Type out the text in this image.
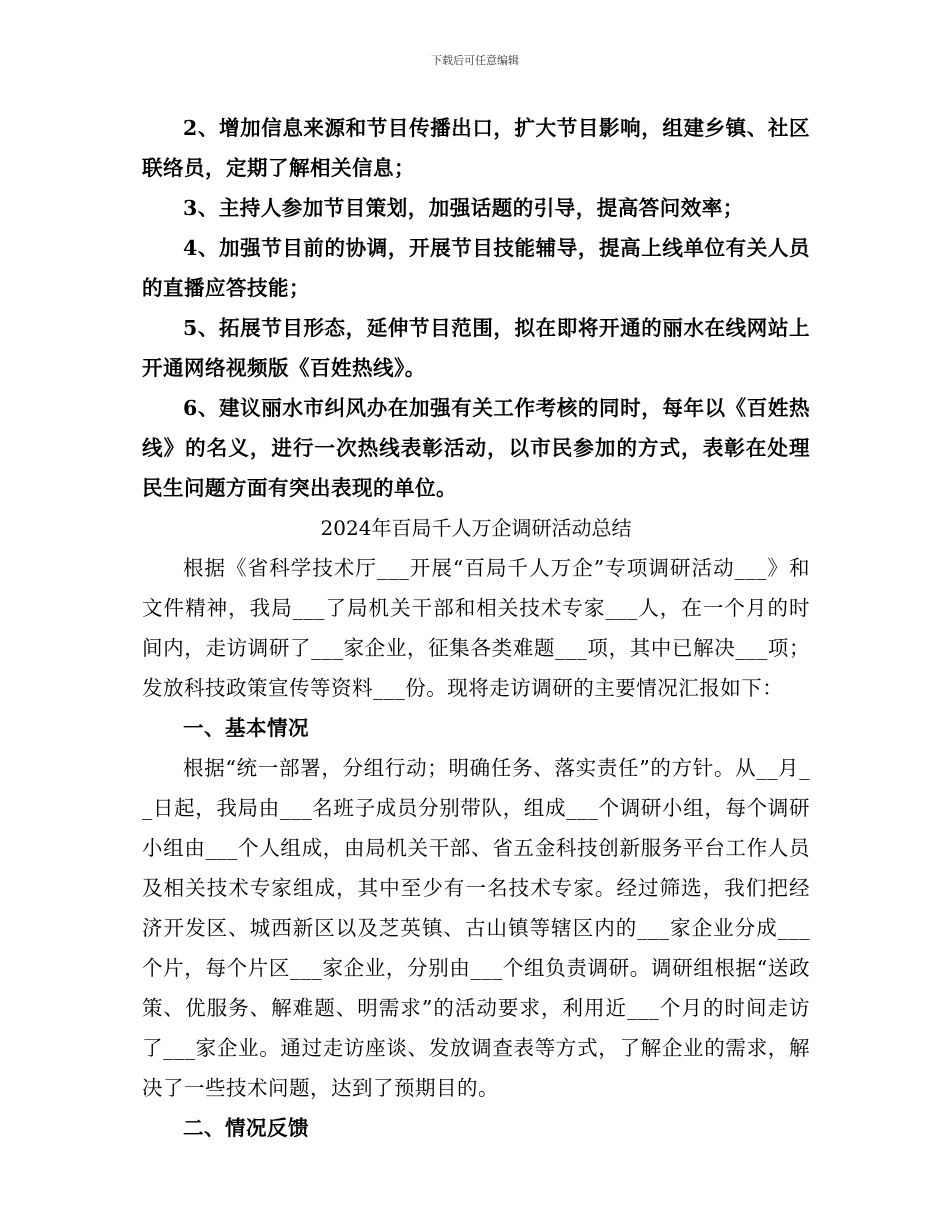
下载后可任意编辑

2、增加信息来源和节目传播出口，扩大节目影响，组建乡镇、社区联络员，定期了解相关信息；

3、主持人参加节目策划，加强话题的引导，提高答问效率；

4、加强节目前的协调，开展节目技能辅导，提高上线单位有关人员的直播应答技能；

5、拓展节目形态，延伸节目范围，拟在即将开通的丽水在线网站上开通网络视频版《百姓热线》。

6、建议丽水市纠风办在加强有关工作考核的同时，每年以《百姓热线》的名义，进行一次热线表彰活动，以市民参加的方式，表彰在处理民生问题方面有突出表现的单位。

2024年百局千人万企调研活动总结

根据《省科学技术厅___开展“百局千人万企”专项调研活动___》和文件精神，我局___了局机关干部和相关技术专家___人，在一个月的时间内，走访调研了___家企业，征集各类难题___项，其中已解决___项；发放科技政策宣传等资料___份。现将走访调研的主要情况汇报如下：

一、基本情况

根据“统一部署，分组行动；明确任务、落实责任”的方针。从__月__日起，我局由___名班子成员分别带队，组成___个调研小组，每个调研小组由___个人组成，由局机关干部、省五金科技创新服务平台工作人员及相关技术专家组成，其中至少有一名技术专家。经过筛选，我们把经济开发区、城西新区以及芝英镇、古山镇等辖区内的___家企业分成___个片，每个片区___家企业，分别由___个组负责调研。调研组根据“送政策、优服务、解难题、明需求”的活动要求，利用近___个月的时间走访了___家企业。通过走访座谈、发放调查表等方式，了解企业的需求，解决了一些技术问题，达到了预期目的。

二、情况反馈
